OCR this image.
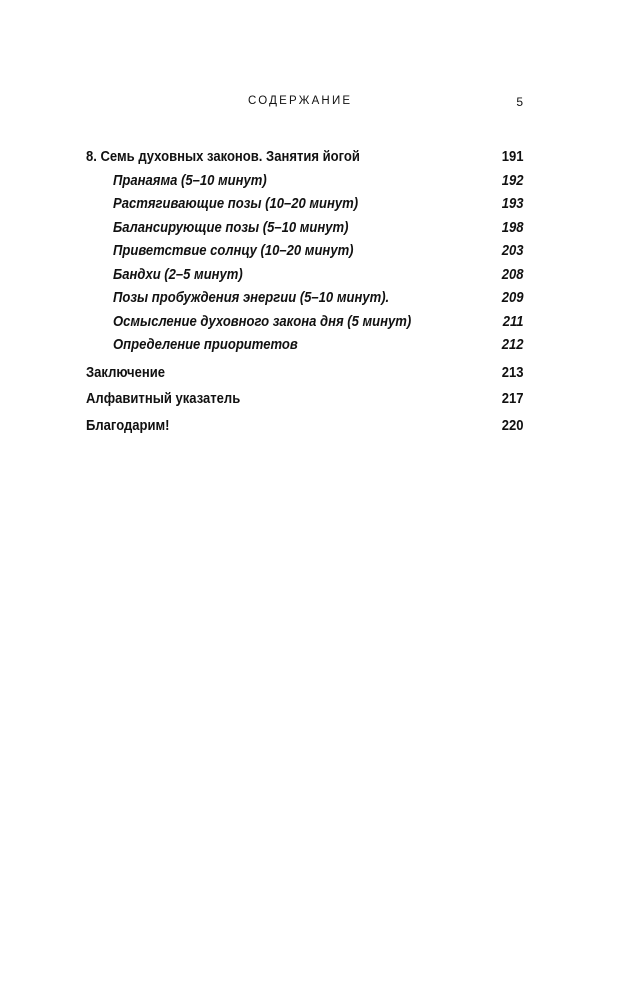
СОДЕРЖАНИЕ	5
8. Семь духовных законов. Занятия йогой	191
Пранаяма (5–10 минут)	192
Растягивающие позы (10–20 минут)	193
Балансирующие позы (5–10 минут)	198
Приветствие солнцу (10–20 минут)	203
Бандхи (2–5 минут)	208
Позы пробуждения энергии (5–10 минут).	209
Осмысление духовного закона дня (5 минут)	211
Определение приоритетов	212
Заключение	213
Алфавитный указатель	217
Благодарим!	220
